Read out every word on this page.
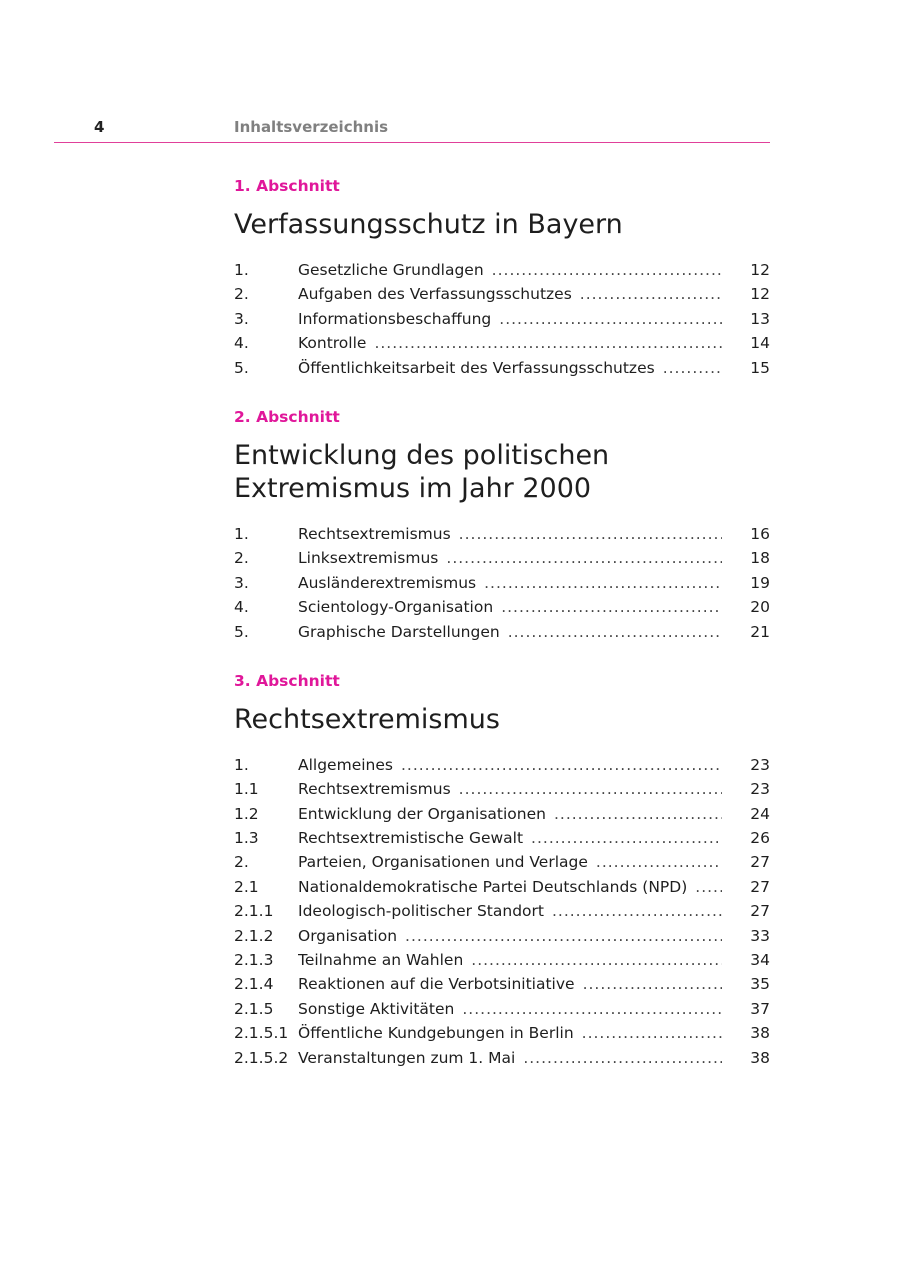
4	Inhaltsverzeichnis
1. Abschnitt
Verfassungsschutz in Bayern
1.	Gesetzliche Grundlagen .....	12
2.	Aufgaben des Verfassungsschutzes .....	12
3.	Informationsbeschaffung .....	13
4.	Kontrolle .....	14
5.	Öffentlichkeitsarbeit des Verfassungsschutzes .....	15
2. Abschnitt
Entwicklung des politischen
Extremismus im Jahr 2000
1.	Rechtsextremismus .....	16
2.	Linksextremismus .....	18
3.	Ausländerextremismus .....	19
4.	Scientology-Organisation .....	20
5.	Graphische Darstellungen .....	21
3. Abschnitt
Rechtsextremismus
1.	Allgemeines .....	23
1.1	Rechtsextremismus .....	23
1.2	Entwicklung der Organisationen .....	24
1.3	Rechtsextremistische Gewalt .....	26
2.	Parteien, Organisationen und Verlage .....	27
2.1	Nationaldemokratische Partei Deutschlands (NPD) .....	27
2.1.1	Ideologisch-politischer Standort .....	27
2.1.2	Organisation .....	33
2.1.3	Teilnahme an Wahlen .....	34
2.1.4	Reaktionen auf die Verbotsinitiative .....	35
2.1.5	Sonstige Aktivitäten .....	37
2.1.5.1 Öffentliche Kundgebungen in Berlin .....	38
2.1.5.2 Veranstaltungen zum 1. Mai .....	38
